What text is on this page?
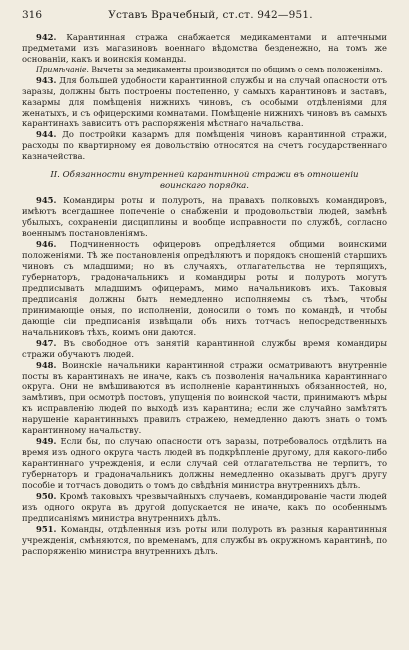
316	Уставъ Врачебный, ст.ст. 942—951.

942. Карантинная стража снабжается медикаментами и аптечными предметами изъ магазиновъ военнаго вѣдомства безденежно, на томъ же основаніи, какъ и воинскія команды.

Примѣчаніе. Вычеты за медикаменты производятся по общимъ о семъ положеніямъ.

943. Для большей удобности карантинной службы и на случай опасности отъ заразы, должны быть построены постепенно, у самыхъ карантиновъ и заставъ, казармы для помѣщенія нижнихъ чиновъ, съ особыми отдѣленіями для женатыхъ, и съ офицерскими комнатами. Помѣщеніе нижнихъ чиновъ въ самыхъ карантинахъ зависитъ отъ распоряженія мѣстнаго начальства.

944. До постройки казармъ для помѣщенія чиновъ карантинной стражи, расходы по квартирному ея довольствію относятся на счетъ государственнаго казначейства.

II. Обязанности внутренней карантинной стражи въ отношеніи воинскаго порядка.

945. Командиры роты и полуроть, на правахъ полковыхъ командировъ, имѣютъ всегдашнее попеченіе о снабженіи и продовольствіи людей, замѣнѣ убылыхъ, сохраненіи дисциплины и вообще исправности по службѣ, согласно военнымъ постановленіямъ.

946. Подчиненность офицеровъ опредѣляется общими воинскими положеніями. Тѣ же постановленія опредѣляютъ и порядокъ сношеній старшихъ чиновъ съ младшими; но въ случаяхъ, отлагательства не терпящихъ, губернаторъ, градоначальникъ и командиры роты и полуроть могутъ предписывать младшимъ офицерамъ, мимо начальниковъ ихъ. Таковыя предписанія должны быть немедленно исполняемы съ тѣмъ, чтобы принимающіе оныя, по исполненіи, доносили о томъ по командѣ, и чтобы дающіе сіи предписанія извѣщали объ нихъ тотчасъ непосредственныхъ начальниковъ тѣхъ, коимъ они даются.

947. Въ свободное отъ занятій карантинной службы время командиры стражи обучаютъ людей.

948. Воинскіе начальники карантинной стражи осматриваютъ внутренніе посты въ карантинахъ не иначе, какъ съ позволенія начальника карантиннаго округа. Они не вмѣшиваются въ исполненіе карантинныхъ обязанностей, но, замѣтивъ, при осмотрѣ постовъ, упущенія по воинской части, принимаютъ мѣры къ исправленію людей по выходѣ изъ карантина; если же случайно замѣтятъ нарушеніе карантинныхъ правилъ стражею, немедленно даютъ знать о томъ карантинному начальству.

949. Если бы, по случаю опасности отъ заразы, потребовалось отдѣлить на время изъ одного округа часть людей въ подкрѣпленіе другому, для какого-либо карантиннаго учрежденія, и если случай сей отлагательства не терпитъ, то губернаторъ и градоначальникъ должны немедленно оказывать другъ другу пособіе и тотчасъ доводить о томъ до свѣдѣнія министра внутреннихъ дѣлъ.

950. Кромѣ таковыхъ чрезвычайныхъ случаевъ, командированіе части людей изъ одного округа въ другой допускается не иначе, какъ по особеннымъ предписаніямъ министра внутреннихъ дѣлъ.

951. Команды, отдѣленныя изъ роты или полуроть въ разныя карантинныя учрежденія, смѣняются, по временамъ, для службы въ окружномъ карантинѣ, по распоряженію министра внутреннихъ дѣлъ.
